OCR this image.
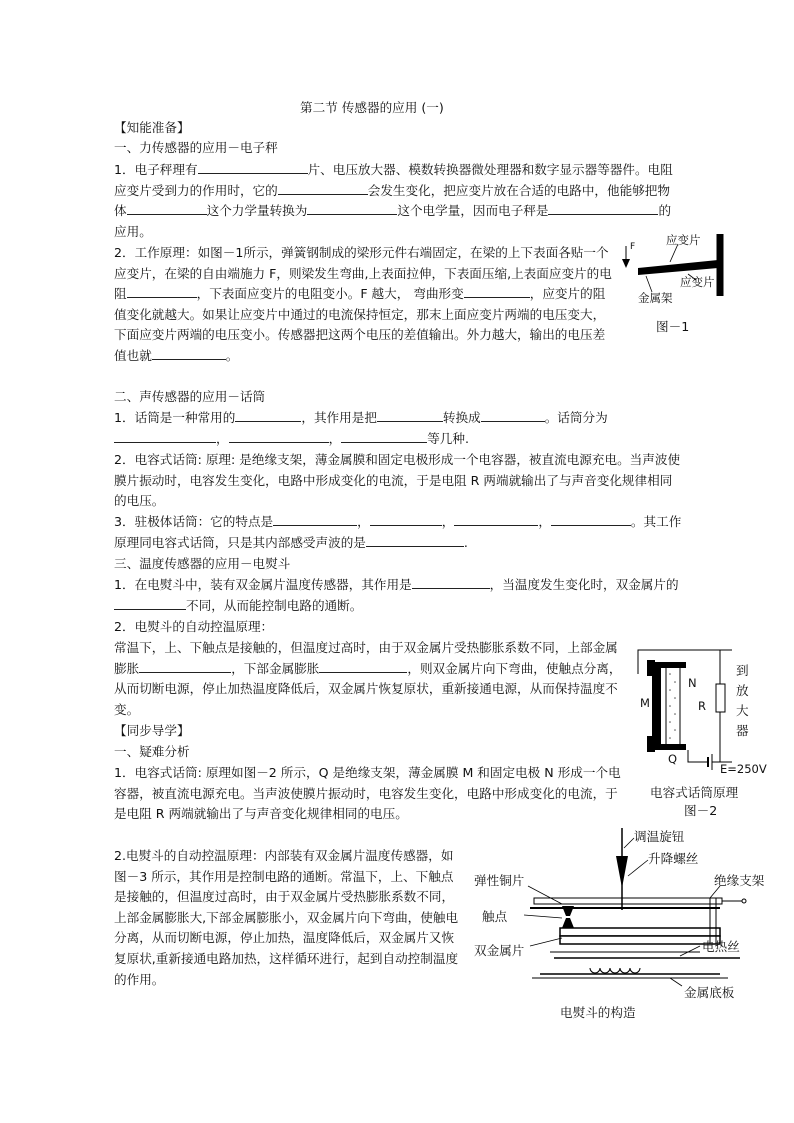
第二节 传感器的应用 (一)
【知能准备】
一、力传感器的应用－电子秤

1．电子秤理有	片、电压放大器、模数转换器微处理器和数字显示器等器件。电阻应变片受到力的作用时，它的	会发生变化，把应变片放在合适的电路中，他能够把物体	这个力学量转换为	这个电学量，因而电子秤是	的应用。

2．工作原理：如图－1所示，弹簧钢制成的梁形元件右端固定，在梁的上下表面各贴一个应变片，在梁的自由端施力 F，则梁发生弯曲,上表面拉伸，下表面压缩,上表面应变片的电阻	，下表面应变片的电阻变小。F 越大， 弯曲形变	，应变片的阻值变化就越大。如果让应变片中通过的电流保持恒定，那末上面应变片两端的电压变大，下面应变片两端的电压变小。传感器把这两个电压的差值输出。外力越大，输出的电压差值也就	。

二、声传感器的应用－话筒

1．话筒是一种常用的	，其作用是把	转换成	。话筒分为
，	，	等几种.

2．电容式话筒: 原理: 是绝缘支架，薄金属膜和固定电极形成一个电容器，被直流电源充电。当声波使膜片振动时，电容发生变化，电路中形成变化的电流，于是电阻 R 两端就输出了与声音变化规律相同的电压。

3．驻极体话筒：它的特点是	，	，	，	。其工作原理同电容式话筒，只是其内部感受声波的是	.

三、温度传感器的应用－电熨斗

1．在电熨斗中，装有双金属片温度传感器，其作用是	，当温度发生变化时，双金属片的不同，从而能控制电路的通断。

2．电熨斗的自动控温原理：

常温下，上、下触点是接触的，但温度过高时，由于双金属片受热膨胀系数不同，上部金属膨胀	，下部金属膨胀	，则双金属片向下弯曲，使触点分离，从而切断电源，停止加热温度降低后，双金属片恢复原状，重新接通电源，从而保持温度不变。

【同步导学】
一、疑难分析

1．电容式话筒: 原理如图－2 所示，Q 是绝缘支架，薄金属膜 M 和固定电极 N 形成一个电容器，被直流电源充电。当声波使膜片振动时，电容发生变化，电路中形成变化的电流，于是电阻 R 两端就输出了与声音变化规律相同的电压。

2.电熨斗的自动控温原理：内部装有双金属片温度传感器，如图－3 所示，其作用是控制电路的通断。常温下，上、下触点是接触的，但温度过高时，由于双金属片受热膨胀系数不同，上部金属膨胀大,下部金属膨胀小，双金属片向下弯曲，使触电分离，从而切断电源，停止加热，温度降低后，双金属片又恢复原状,重新接通电路加热，这样循环进行，起到自动控制温度的作用。

F	应变片
应变片
金属架
图－1
M
N
R
Q
到
放
大
器
E=250V
电容式话筒原理
图－2
调温旋钮
升降螺丝
弹性铜片	绝缘支架
触点
双金属片	电热丝
金属底板
电熨斗的构造
